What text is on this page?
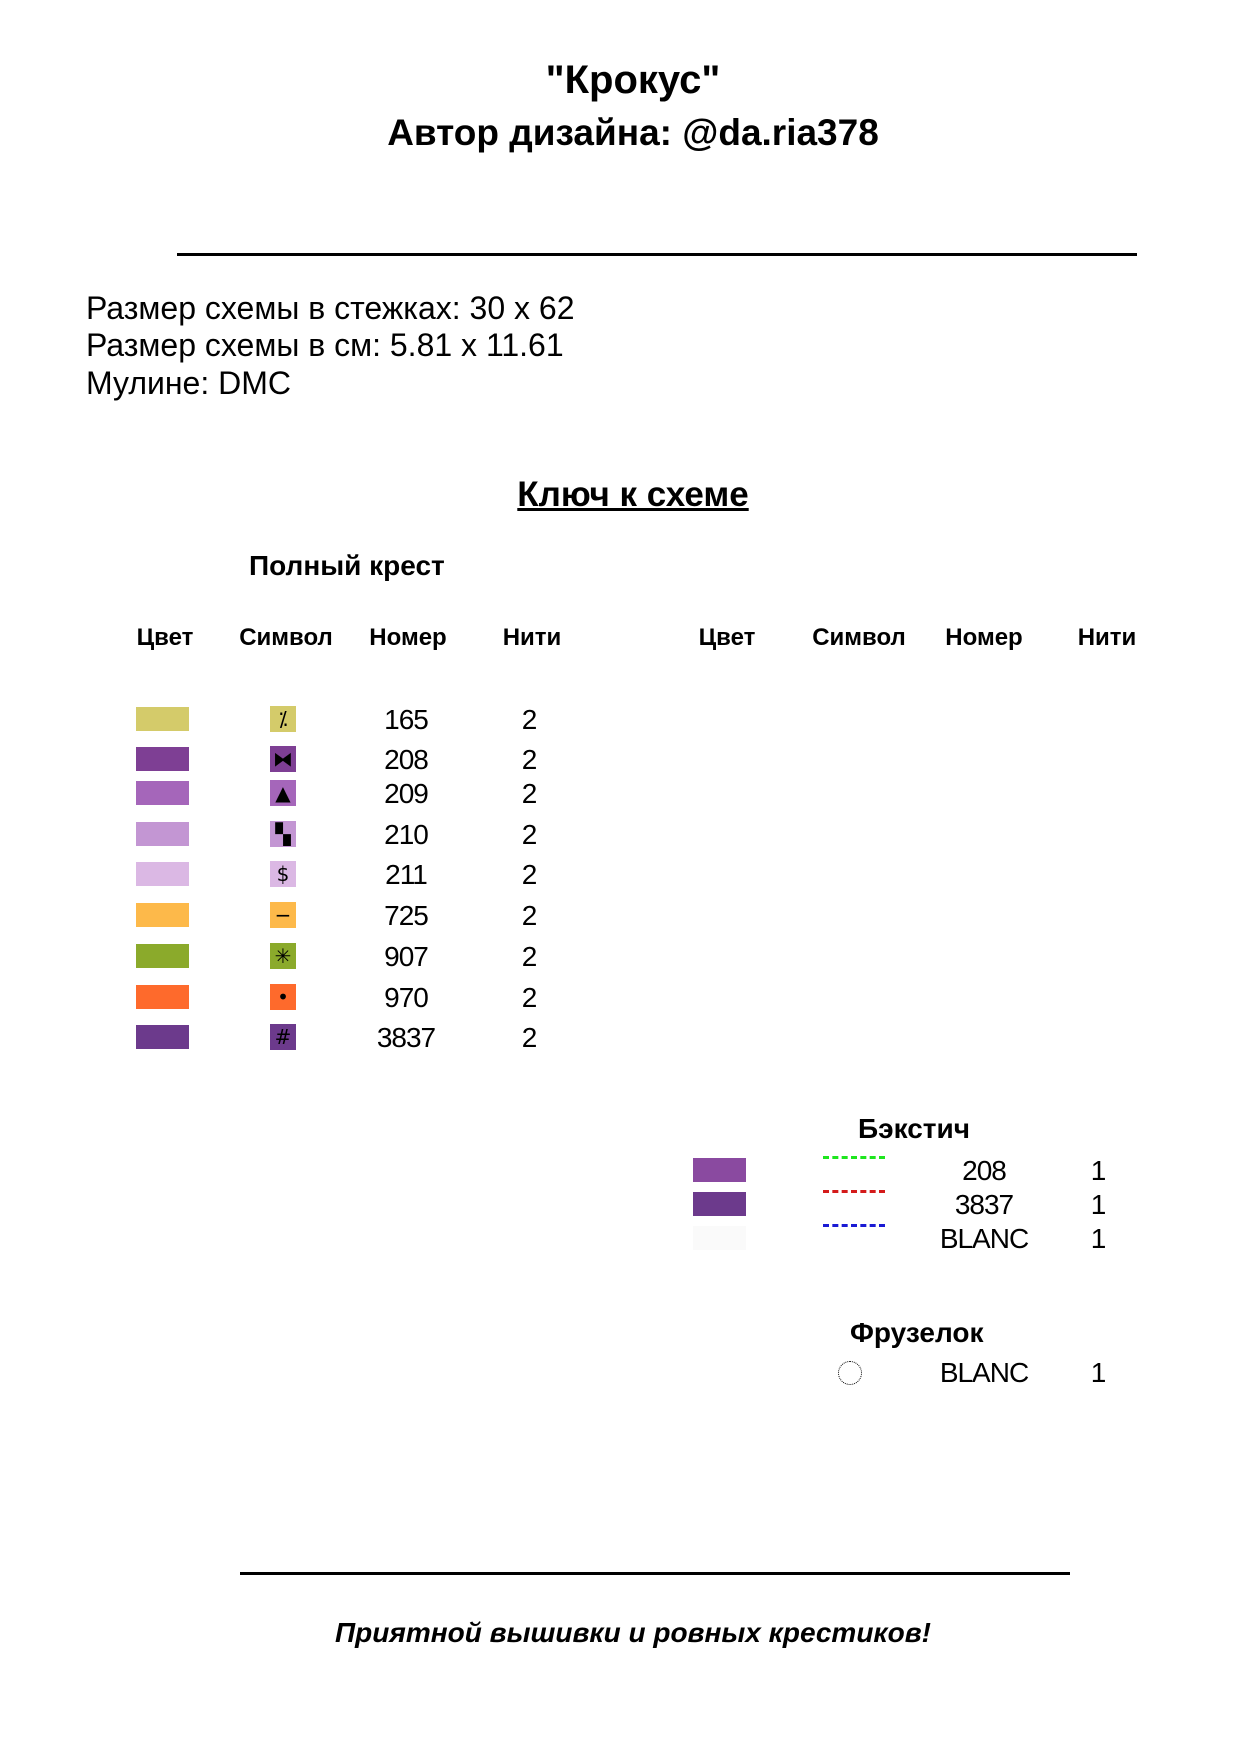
"Крокус"
Автор дизайна: @da.ria378
Размер схемы в стежках: 30 x 62
Размер схемы в см: 5.81 x 11.61
Мулине: DMC
Ключ к схеме
Полный крест
Цвет	Символ	Номер	Нити	Цвет	Символ	Номер	Нити
⁒	165	2
⧓	208	2
▲	209	2
▚	210	2
$	211	2
−	725	2
✳	907	2
•	970	2
#	3837	2
Бэкстич
208	1
3837	1
BLANC	1
Фрузелок
BLANC	1
Приятной вышивки и ровных крестиков!
